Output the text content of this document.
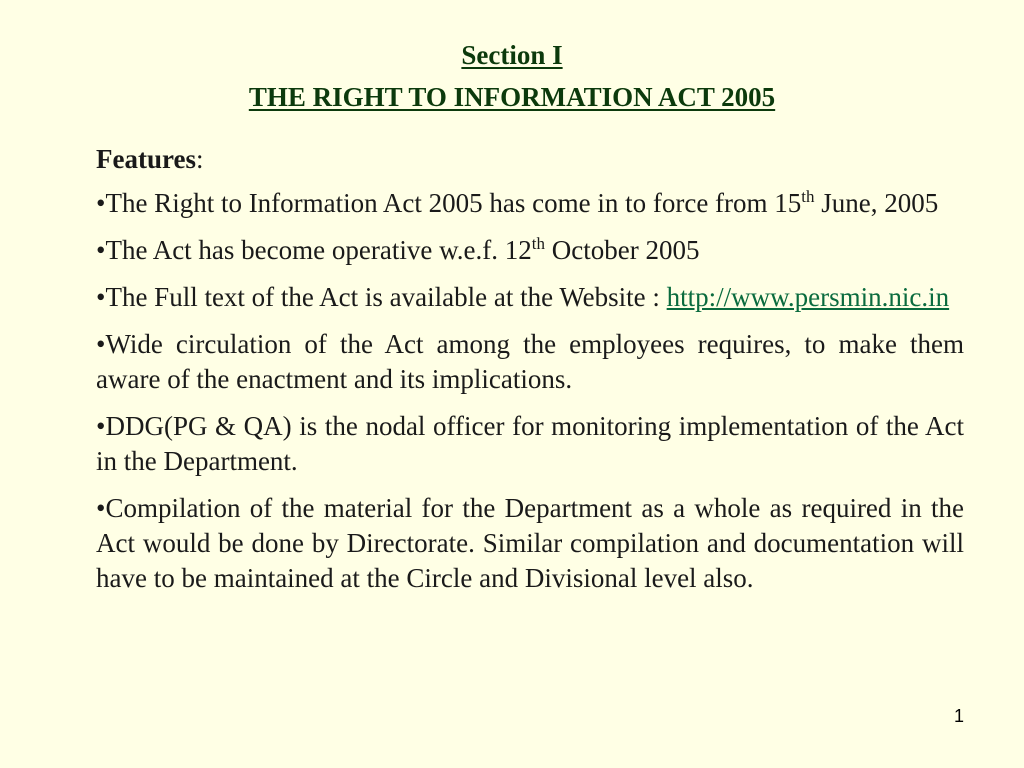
Section I
THE RIGHT TO INFORMATION ACT 2005

Features:

•The Right to Information Act 2005 has come in to force from 15th June, 2005

•The Act has become operative w.e.f. 12th October 2005

•The Full text of the Act is available at the Website : http://www.persmin.nic.in

•Wide circulation of the Act among the employees requires, to make them aware of the enactment and its implications.

•DDG(PG & QA) is the nodal officer for monitoring implementation of the Act in the Department.

•Compilation of the material for the Department as a whole as required in the Act would be done by Directorate. Similar compilation and documentation will have to be maintained at the Circle and Divisional level also.

1
